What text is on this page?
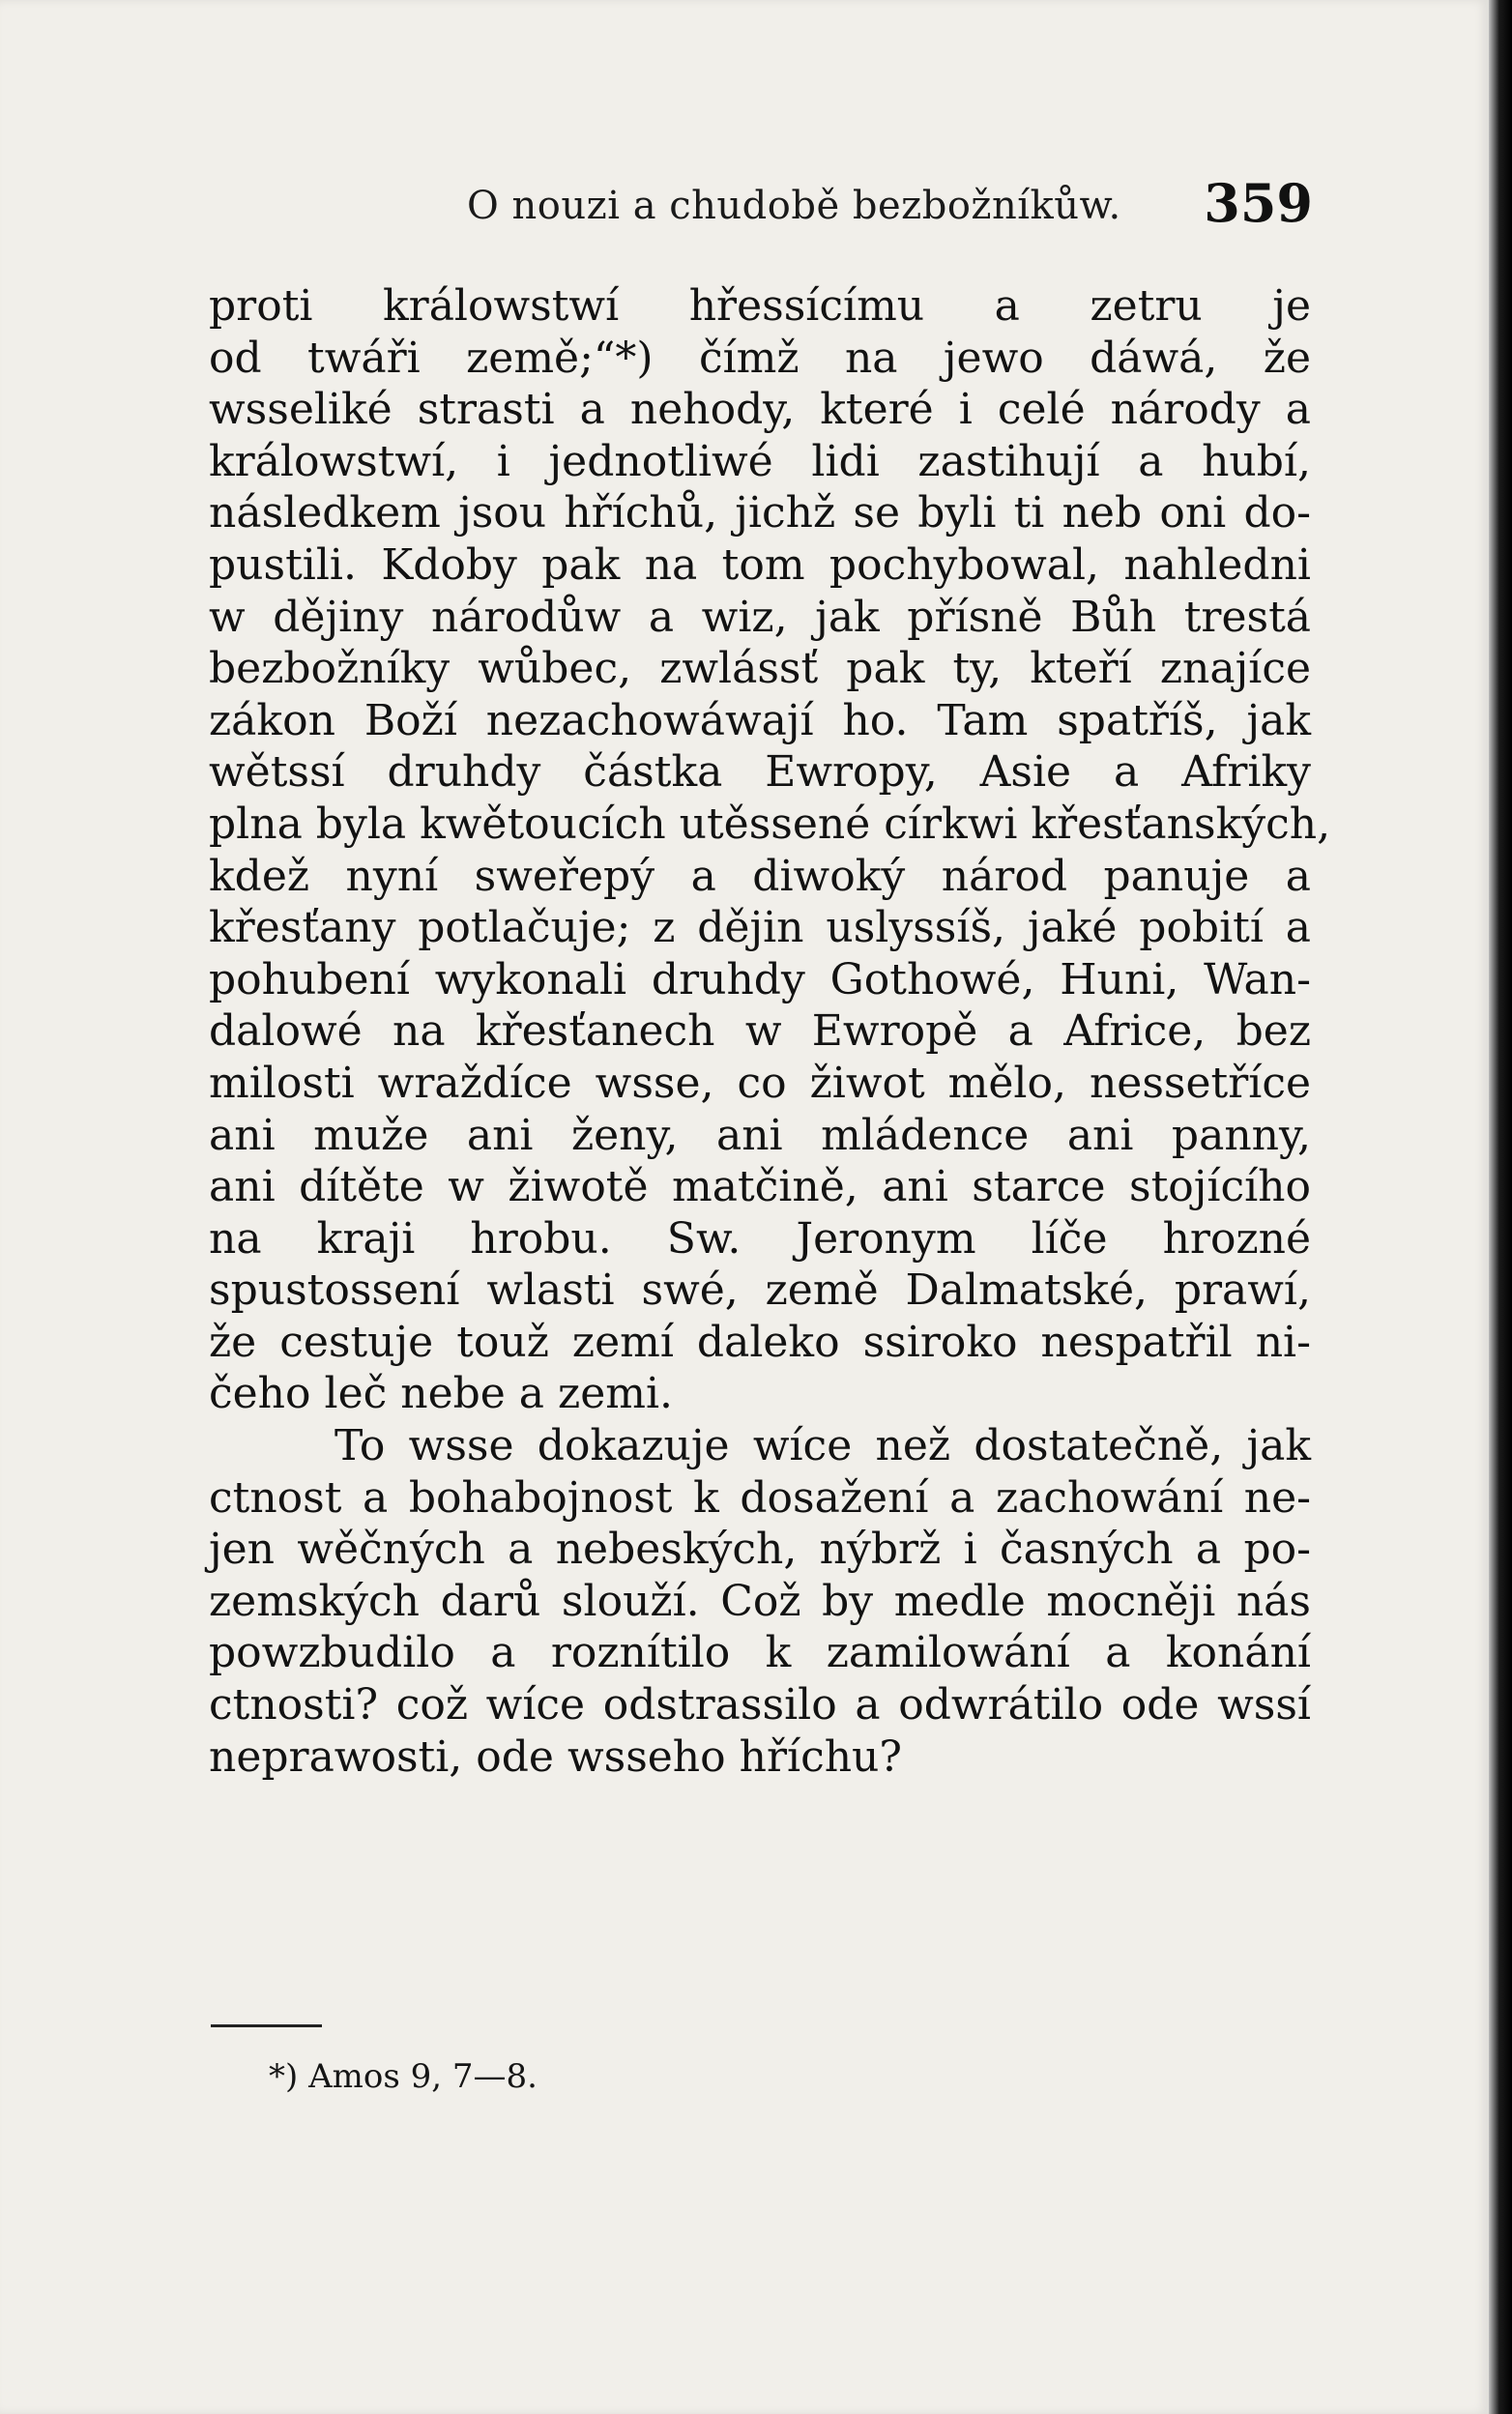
O nouzi a chudobě bezbožníkůw. 359
proti králowstwí hřessícímu a zetru je
od twáři země;“*) čímž na jewo dáwá, že
wsseliké strasti a nehody, které i celé národy a
králowstwí, i jednotliwé lidi zastihují a hubí,
následkem jsou hříchů, jichž se byli ti neb oni do-
pustili. Kdoby pak na tom pochybowal, nahledni
w dějiny národůw a wiz, jak přísně Bůh trestá
bezbožníky wůbec, zwlássť pak ty, kteří znajíce
zákon Boží nezachowáwají ho. Tam spatříš, jak
wětssí druhdy částka Ewropy, Asie a Afriky
plna byla kwětoucích utěssené církwi křesťanských,
kdež nyní sweřepý a diwoký národ panuje a
křesťany potlačuje; z dějin uslyssíš, jaké pobití a
pohubení wykonali druhdy Gothowé, Huni, Wan-
dalowé na křesťanech w Ewropě a Africe, bez
milosti wraždíce wsse, co žiwot mělo, nessetříce
ani muže ani ženy, ani mládence ani panny,
ani dítěte w žiwotě matčině, ani starce stojícího
na kraji hrobu. Sw. Jeronym líče hrozné
spustossení wlasti swé, země Dalmatské, prawí,
že cestuje touž zemí daleko ssiroko nespatřil ni-
čeho leč nebe a zemi.
To wsse dokazuje wíce než dostatečně, jak
ctnost a bohabojnost k dosažení a zachowání ne-
jen wěčných a nebeských, nýbrž i časných a po-
zemských darů slouží. Což by medle mocněji nás
powzbudilo a roznítilo k zamilowání a konání
ctnosti? což wíce odstrassilo a odwrátilo ode wssí
neprawosti, ode wsseho hříchu?
*) Amos 9, 7—8.
